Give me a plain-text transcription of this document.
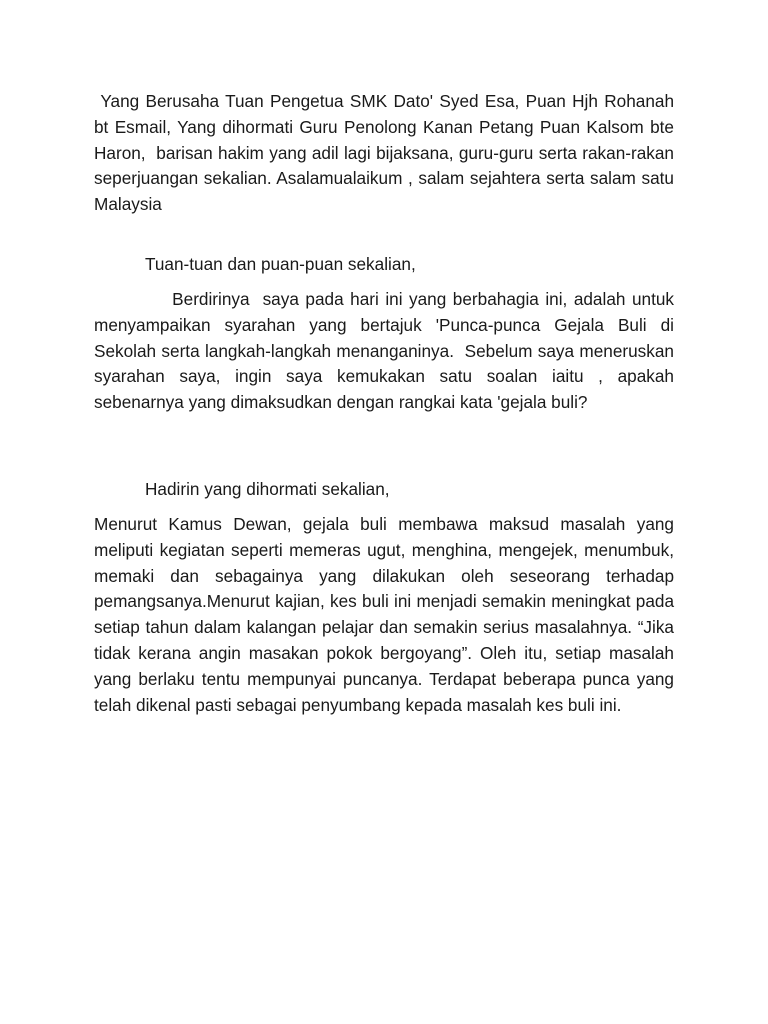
Yang Berusaha Tuan Pengetua SMK Dato' Syed Esa, Puan Hjh Rohanah bt Esmail, Yang dihormati Guru Penolong Kanan Petang Puan Kalsom bte Haron,  barisan hakim yang adil lagi bijaksana, guru-guru serta rakan-rakan seperjuangan sekalian. Asalamualaikum , salam sejahtera serta salam satu Malaysia

Tuan-tuan dan puan-puan sekalian,

Berdirinya  saya pada hari ini yang berbahagia ini, adalah untuk menyampaikan syarahan yang bertajuk 'Punca-punca Gejala Buli di Sekolah serta langkah-langkah menanganinya.  Sebelum saya meneruskan syarahan saya, ingin saya kemukakan satu soalan iaitu , apakah sebenarnya yang dimaksudkan dengan rangkai kata 'gejala buli?

Hadirin yang dihormati sekalian,

Menurut Kamus Dewan, gejala buli membawa maksud masalah yang meliputi kegiatan seperti memeras ugut, menghina, mengejek, menumbuk, memaki dan sebagainya yang dilakukan oleh seseorang terhadap pemangsanya.Menurut kajian, kes buli ini menjadi semakin meningkat pada setiap tahun dalam kalangan pelajar dan semakin serius masalahnya. “Jika tidak kerana angin masakan pokok bergoyang”. Oleh itu, setiap masalah yang berlaku tentu mempunyai puncanya. Terdapat beberapa punca yang telah dikenal pasti sebagai penyumbang kepada masalah kes buli ini.
